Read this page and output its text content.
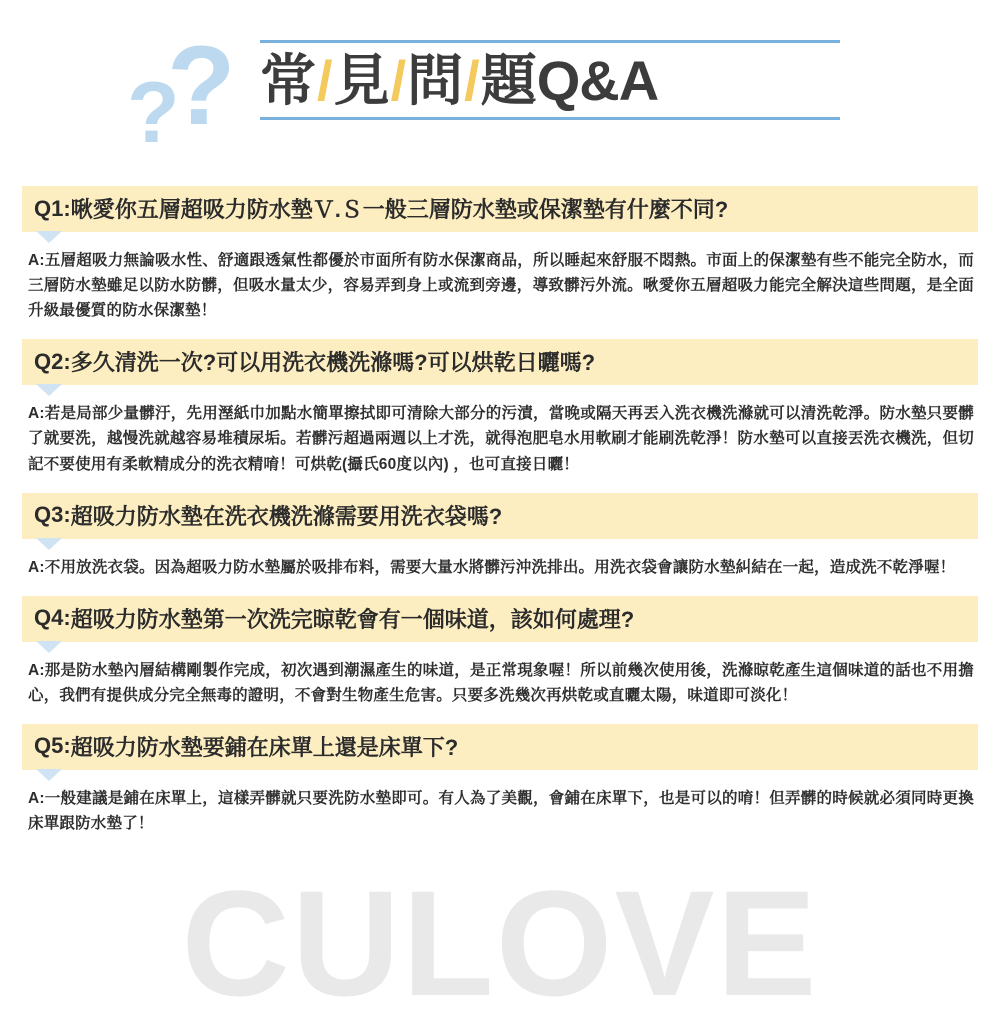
CULOVE
?
? 常/見/問/題Q&A
Q1: 啾愛你五層超吸力防水墊Ｖ.Ｓ一般三層防水墊或保潔墊有什麼不同?
A:五層超吸力無論吸水性、舒適跟透氣性都優於市面所有防水保潔商品，所以睡起來舒服不悶熱。市面上的保潔墊有些不能完全防水，而三層防水墊雖足以防水防髒，但吸水量太少，容易弄到身上或流到旁邊，導致髒污外流。啾愛你五層超吸力能完全解決這些問題，是全面升級最優質的防水保潔墊！
Q2: 多久清洗一次?可以用洗衣機洗滌嗎?可以烘乾日曬嗎?
A:若是局部少量髒汙，先用溼紙巾加點水簡單擦拭即可清除大部分的污漬，當晚或隔天再丟入洗衣機洗滌就可以清洗乾淨。防水墊只要髒了就要洗，越慢洗就越容易堆積尿垢。若髒污超過兩週以上才洗，就得泡肥皂水用軟刷才能刷洗乾淨！防水墊可以直接丟洗衣機洗，但切記不要使用有柔軟精成分的洗衣精唷！可烘乾(攝氏60度以內) ，也可直接日曬！
Q3: 超吸力防水墊在洗衣機洗滌需要用洗衣袋嗎?
A:不用放洗衣袋。因為超吸力防水墊屬於吸排布料，需要大量水將髒污沖洗排出。用洗衣袋會讓防水墊糾結在一起，造成洗不乾淨喔！
Q4: 超吸力防水墊第一次洗完晾乾會有一個味道，該如何處理?
A:那是防水墊內層結構剛製作完成，初次遇到潮濕產生的味道，是正常現象喔！所以前幾次使用後，洗滌晾乾產生這個味道的話也不用擔心，我們有提供成分完全無毒的證明，不會對生物產生危害。只要多洗幾次再烘乾或直曬太陽，味道即可淡化！
Q5: 超吸力防水墊要鋪在床單上還是床單下?
A:一般建議是鋪在床單上，這樣弄髒就只要洗防水墊即可。有人為了美觀，會鋪在床單下，也是可以的唷！但弄髒的時候就必須同時更換床單跟防水墊了！
